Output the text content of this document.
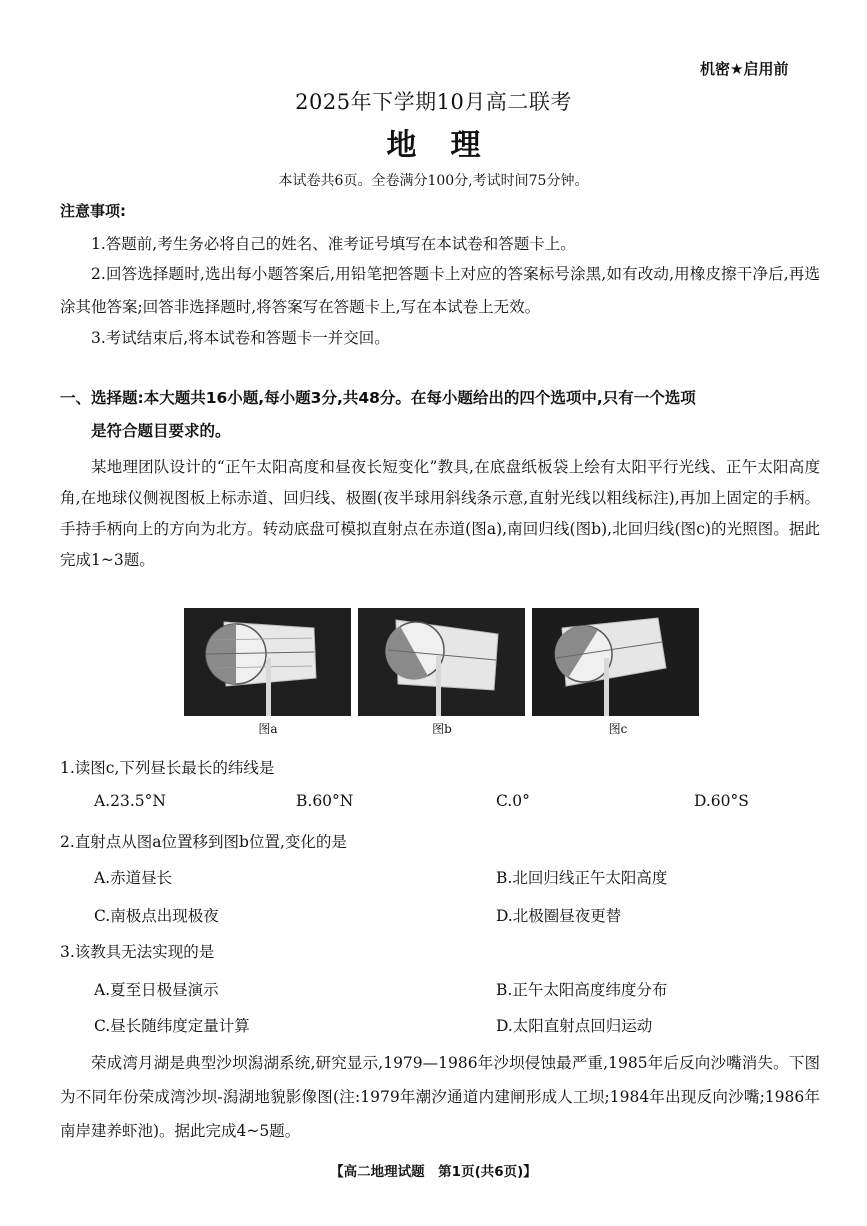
机密★启用前
2025年下学期10月高二联考
地理
本试卷共6页。全卷满分100分,考试时间75分钟。
注意事项:
1.答题前,考生务必将自己的姓名、准考证号填写在本试卷和答题卡上。
2.回答选择题时,选出每小题答案后,用铅笔把答题卡上对应的答案标号涂黑,如有改动,用橡皮擦干净后,再选涂其他答案;回答非选择题时,将答案写在答题卡上,写在本试卷上无效。
3.考试结束后,将本试卷和答题卡一并交回。
一、选择题:本大题共16小题,每小题3分,共48分。在每小题给出的四个选项中,只有一个选项
是符合题目要求的。
某地理团队设计的“正午太阳高度和昼夜长短变化”教具,在底盘纸板袋上绘有太阳平行光线、正午太阳高度角,在地球仪侧视图板上标赤道、回归线、极圈(夜半球用斜线条示意,直射光线以粗线标注),再加上固定的手柄。手持手柄向上的方向为北方。转动底盘可模拟直射点在赤道(图a),南回归线(图b),北回归线(图c)的光照图。据此完成1~3题。
图a	图b	图c
1.读图c,下列昼长最长的纬线是
A.23.5°N	B.60°N	C.0°	D.60°S
2.直射点从图a位置移到图b位置,变化的是
A.赤道昼长	B.北回归线正午太阳高度
C.南极点出现极夜	D.北极圈昼夜更替
3.该教具无法实现的是
A.夏至日极昼演示	B.正午太阳高度纬度分布
C.昼长随纬度定量计算	D.太阳直射点回归运动
荣成湾月湖是典型沙坝潟湖系统,研究显示,1979—1986年沙坝侵蚀最严重,1985年后反向沙嘴消失。下图为不同年份荣成湾沙坝-潟湖地貌影像图(注:1979年潮汐通道内建闸形成人工坝;1984年出现反向沙嘴;1986年南岸建养虾池)。据此完成4~5题。
【高二地理试题　第1页(共6页)】
